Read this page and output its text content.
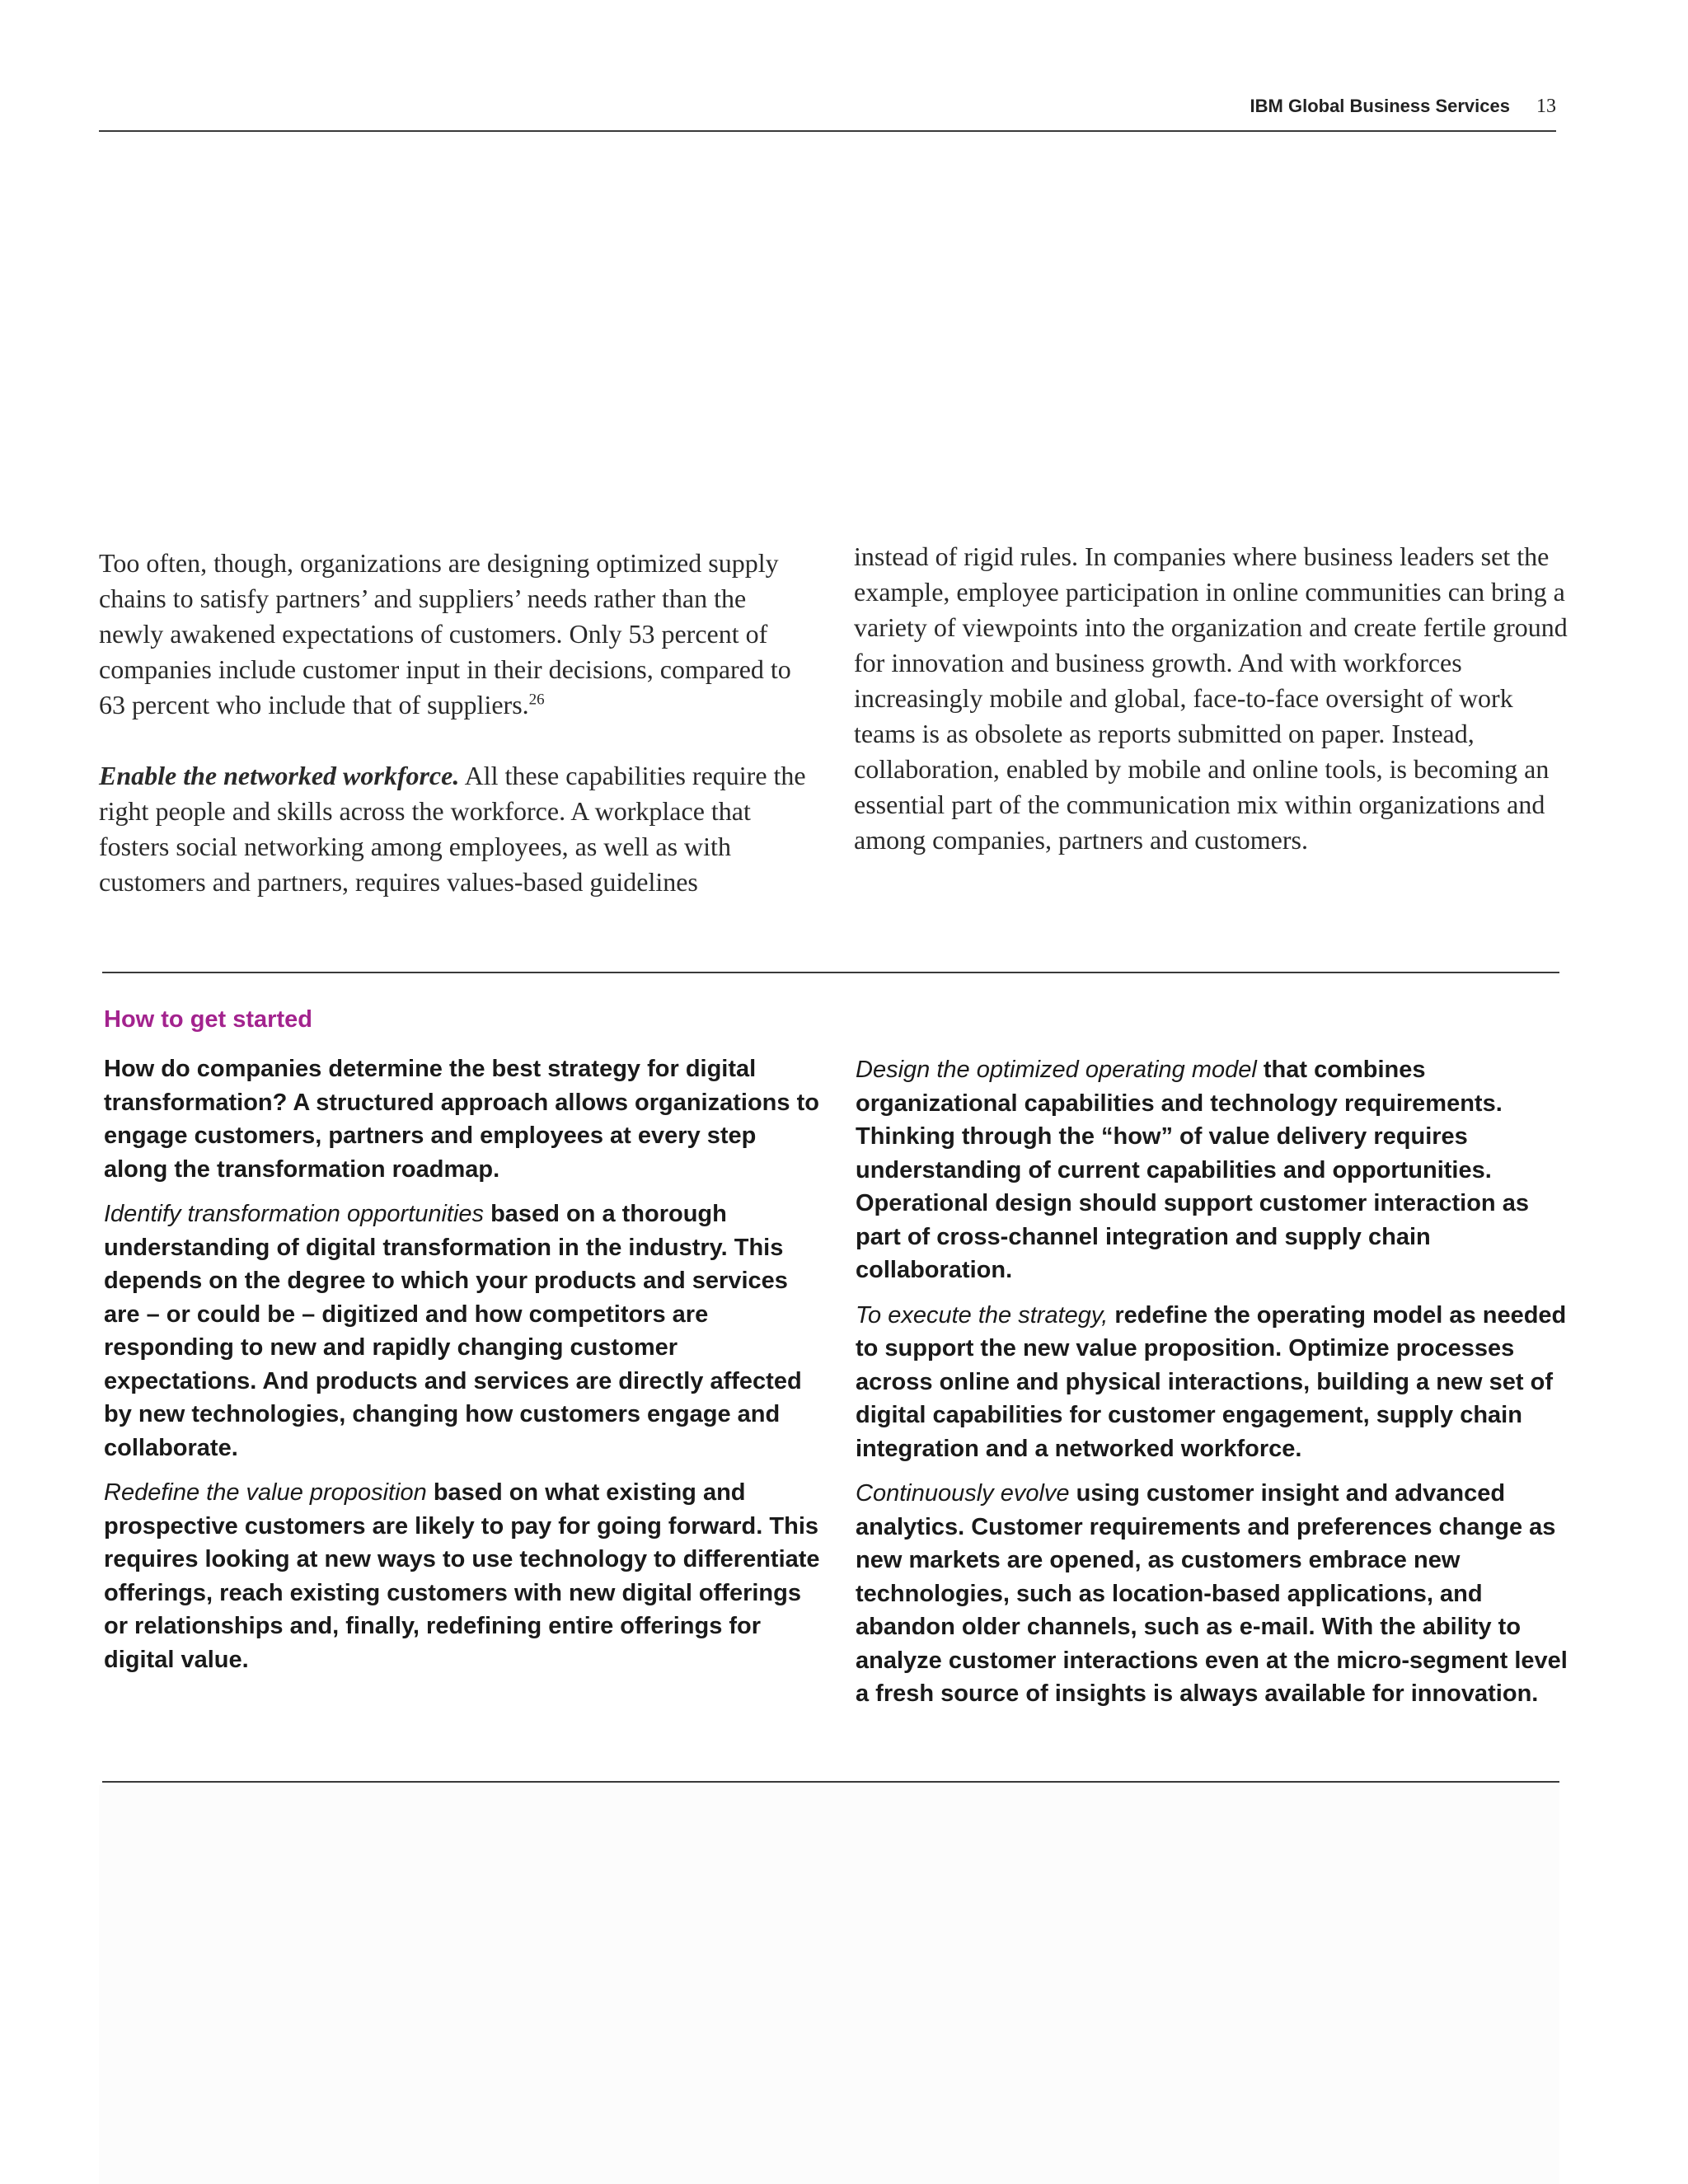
IBM Global Business Services 13

Too often, though, organizations are designing optimized supply chains to satisfy partners’ and suppliers’ needs rather than the newly awakened expectations of customers. Only 53 percent of companies include customer input in their decisions, compared to 63 percent who include that of suppliers.$^{26}$

Enable the networked workforce. All these capabilities require the right people and skills across the workforce. A workplace that fosters social networking among employees, as well as with customers and partners, requires values-based guidelines

instead of rigid rules. In companies where business leaders set the example, employee participation in online communities can bring a variety of viewpoints into the organization and create fertile ground for innovation and business growth. And with workforces increasingly mobile and global, face-to-face oversight of work teams is as obsolete as reports submitted on paper. Instead, collaboration, enabled by mobile and online tools, is becoming an essential part of the communication mix within organizations and among companies, partners and customers.

How to get started

How do companies determine the best strategy for digital transformation? A structured approach allows organizations to engage customers, partners and employees at every step along the transformation roadmap.

Identify transformation opportunities based on a thorough understanding of digital transformation in the industry. This depends on the degree to which your products and services are – or could be – digitized and how competitors are responding to new and rapidly changing customer expectations. And products and services are directly affected by new technologies, changing how customers engage and collaborate.

Redefine the value proposition based on what existing and prospective customers are likely to pay for going forward. This requires looking at new ways to use technology to differentiate offerings, reach existing customers with new digital offerings or relationships and, finally, redefining entire offerings for digital value.

Design the optimized operating model that combines organizational capabilities and technology requirements. Thinking through the “how” of value delivery requires understanding of current capabilities and opportunities. Operational design should support customer interaction as part of cross-channel integration and supply chain collaboration.

To execute the strategy, redefine the operating model as needed to support the new value proposition. Optimize processes across online and physical interactions, building a new set of digital capabilities for customer engagement, supply chain integration and a networked workforce.

Continuously evolve using customer insight and advanced analytics. Customer requirements and preferences change as new markets are opened, as customers embrace new technologies, such as location-based applications, and abandon older channels, such as e-mail. With the ability to analyze customer interactions even at the micro-segment level a fresh source of insights is always available for innovation.
